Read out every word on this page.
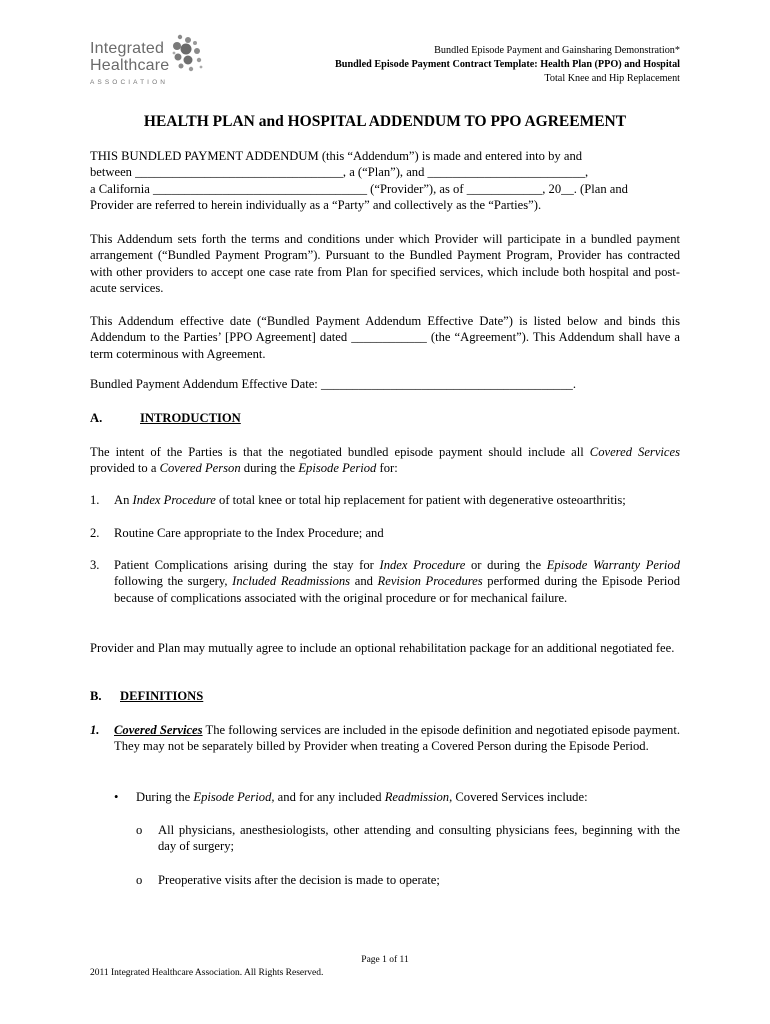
Integrated
Healthcare
ASSOCIATION
Bundled Episode Payment and Gainsharing Demonstration*
Bundled Episode Payment Contract Template: Health Plan (PPO) and Hospital
Total Knee and Hip Replacement
HEALTH PLAN and HOSPITAL ADDENDUM TO PPO AGREEMENT
THIS BUNDLED PAYMENT ADDENDUM (this “Addendum”) is made and entered into by and
between _________________________________, a (“Plan”), and _________________________,
a California __________________________________ (“Provider”), as of ____________, 20__. (Plan and
Provider are referred to herein individually as a “Party” and collectively as the “Parties”).

This Addendum sets forth the terms and conditions under which Provider will participate in a bundled payment arrangement (“Bundled Payment Program”). Pursuant to the Bundled Payment Program, Provider has contracted with other providers to accept one case rate from Plan for specified services, which include both hospital and post-acute services.

This Addendum effective date (“Bundled Payment Addendum Effective Date”) is listed below and binds this Addendum to the Parties’ [PPO Agreement] dated ____________ (the “Agreement”). This Addendum shall have a term coterminous with Agreement.

Bundled Payment Addendum Effective Date: ________________________________________.

A.	INTRODUCTION

The intent of the Parties is that the negotiated bundled episode payment should include all Covered Services provided to a Covered Person during the Episode Period for:

1. An Index Procedure of total knee or total hip replacement for patient with degenerative osteoarthritis;
2. Routine Care appropriate to the Index Procedure; and
3. Patient Complications arising during the stay for Index Procedure or during the Episode Warranty Period following the surgery, Included Readmissions and Revision Procedures performed during the Episode Period because of complications associated with the original procedure or for mechanical failure.

Provider and Plan may mutually agree to include an optional rehabilitation package for an additional negotiated fee.

B. DEFINITIONS
1. Covered Services The following services are included in the episode definition and negotiated episode payment. They may not be separately billed by Provider when treating a Covered Person during the Episode Period.
• During the Episode Period, and for any included Readmission, Covered Services include:
o All physicians, anesthesiologists, other attending and consulting physicians fees, beginning with the day of surgery;
o Preoperative visits after the decision is made to operate;
Page 1 of 11
2011 Integrated Healthcare Association. All Rights Reserved.
